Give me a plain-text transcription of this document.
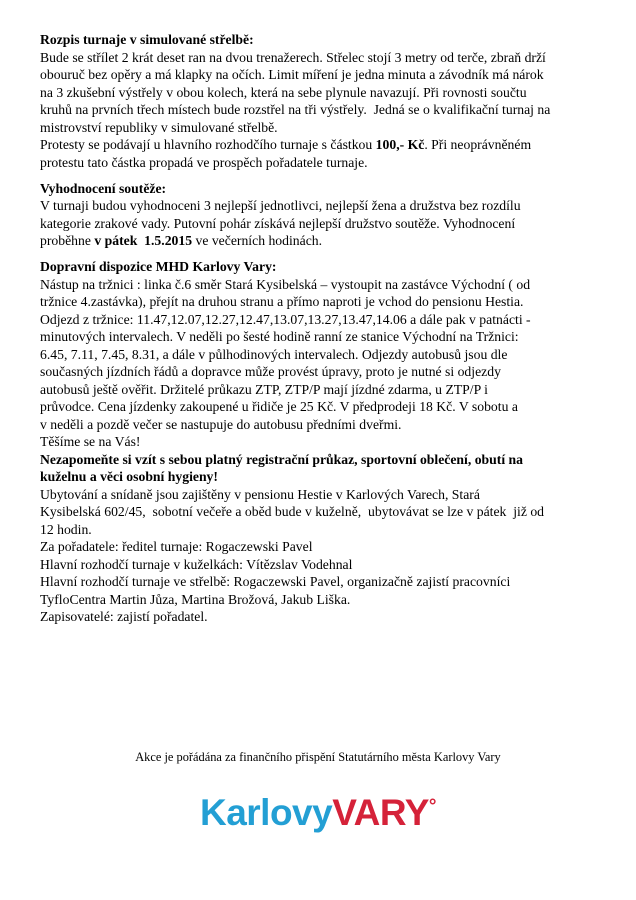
Rozpis turnaje v simulované střelbě:
Bude se střílet 2 krát deset ran na dvou trenažerech. Střelec stojí 3 metry od terče, zbraň drží
obouruč bez opěry a má klapky na očích. Limit míření je jedna minuta a závodník má nárok
na 3 zkušební výstřely v obou kolech, která na sebe plynule navazují. Při rovnosti součtu
kruhů na prvních třech místech bude rozstřel na tři výstřely.  Jedná se o kvalifikační turnaj na
mistrovství republiky v simulované střelbě.
Protesty se podávají u hlavního rozhodčího turnaje s částkou 100,- Kč. Při neoprávněném
protestu tato částka propadá ve prospěch pořadatele turnaje.
Vyhodnocení soutěže:
V turnaji budou vyhodnoceni 3 nejlepší jednotlivci, nejlepší žena a družstva bez rozdílu
kategorie zrakové vady. Putovní pohár získává nejlepší družstvo soutěže. Vyhodnocení
proběhne v pátek  1.5.2015 ve večerních hodinách.
Dopravní dispozice MHD Karlovy Vary:
Nástup na tržnici : linka č.6 směr Stará Kysibelská – vystoupit na zastávce Východní ( od
tržnice 4.zastávka), přejít na druhou stranu a přímo naproti je vchod do pensionu Hestia.
Odjezd z tržnice: 11.47,12.07,12.27,12.47,13.07,13.27,13.47,14.06 a dále pak v patnácti -
minutových intervalech. V neděli po šesté hodině ranní ze stanice Východní na Tržnici:
6.45, 7.11, 7.45, 8.31, a dále v půlhodinových intervalech. Odjezdy autobusů jsou dle
současných jízdních řádů a dopravce může provést úpravy, proto je nutné si odjezdy
autobusů ještě ověřit. Držitelé průkazu ZTP, ZTP/P mají jízdné zdarma, u ZTP/P i
průvodce. Cena jízdenky zakoupené u řidiče je 25 Kč. V předprodeji 18 Kč. V sobotu a
v neděli a pozdě večer se nastupuje do autobusu předními dveřmi.
Těšíme se na Vás!
Nezapomeňte si vzít s sebou platný registrační průkaz, sportovní oblečení, obutí na
kuželnu a věci osobní hygieny!
Ubytování a snídaně jsou zajištěny v pensionu Hestie v Karlových Varech, Stará
Kysibelská 602/45,  sobotní večeře a oběd bude v kuželně,  ubytovávat se lze v pátek  již od
12 hodin.
Za pořadatele: ředitel turnaje: Rogaczewski Pavel
Hlavní rozhodčí turnaje v kuželkách: Vítězslav Vodehnal
Hlavní rozhodčí turnaje ve střelbě: Rogaczewski Pavel, organizačně zajistí pracovníci
TyfloCentra Martin Jůza, Martina Brožová, Jakub Liška.
Zapisovatelé: zajistí pořadatel.
Akce je pořádána za finančního přispění Statutárního města Karlovy Vary
KarlovyVARY°
